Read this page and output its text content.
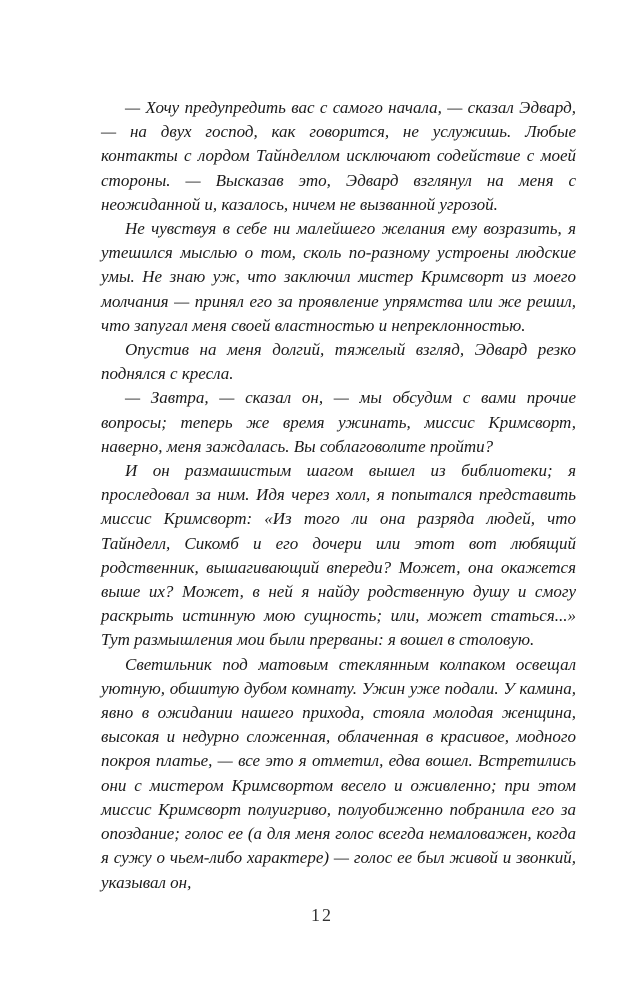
— Хочу предупредить вас с самого начала, — сказал Эдвард, — на двух господ, как говорится, не услужишь. Любые контакты с лордом Тайнделлом исключают содействие с моей стороны. — Высказав это, Эдвард взглянул на меня с неожиданной и, казалось, ничем не вызванной угрозой.

Не чувствуя в себе ни малейшего желания ему возразить, я утешился мыслью о том, сколь по-разному устроены людские умы. Не знаю уж, что заключил мистер Кримсворт из моего молчания — принял его за проявление упрямства или же решил, что запугал меня своей властностью и непреклонностью.

Опустив на меня долгий, тяжелый взгляд, Эдвард резко поднялся с кресла.

— Завтра, — сказал он, — мы обсудим с вами прочие вопросы; теперь же время ужинать, миссис Кримсворт, наверно, меня заждалась. Вы соблаговолите пройти?

И он размашистым шагом вышел из библиотеки; я проследовал за ним. Идя через холл, я попытался представить миссис Кримсворт: «Из того ли она разряда людей, что Тайнделл, Сикомб и его дочери или этот вот любящий родственник, вышагивающий впереди? Может, она окажется выше их? Может, в ней я найду родственную душу и смогу раскрыть истинную мою сущность; или, может статься...» Тут размышления мои были прерваны: я вошел в столовую.

Светильник под матовым стеклянным колпаком освещал уютную, обшитую дубом комнату. Ужин уже подали. У камина, явно в ожидании нашего прихода, стояла молодая женщина, высокая и недурно сложенная, облаченная в красивое, модного покроя платье, — все это я отметил, едва вошел. Встретились они с мистером Кримсвортом весело и оживленно; при этом миссис Кримсворт полуигриво, полуобиженно побранила его за опоздание; голос ее (а для меня голос всегда немаловажен, когда я сужу о чьем-либо характере) — голос ее был живой и звонкий, указывал он,

12
